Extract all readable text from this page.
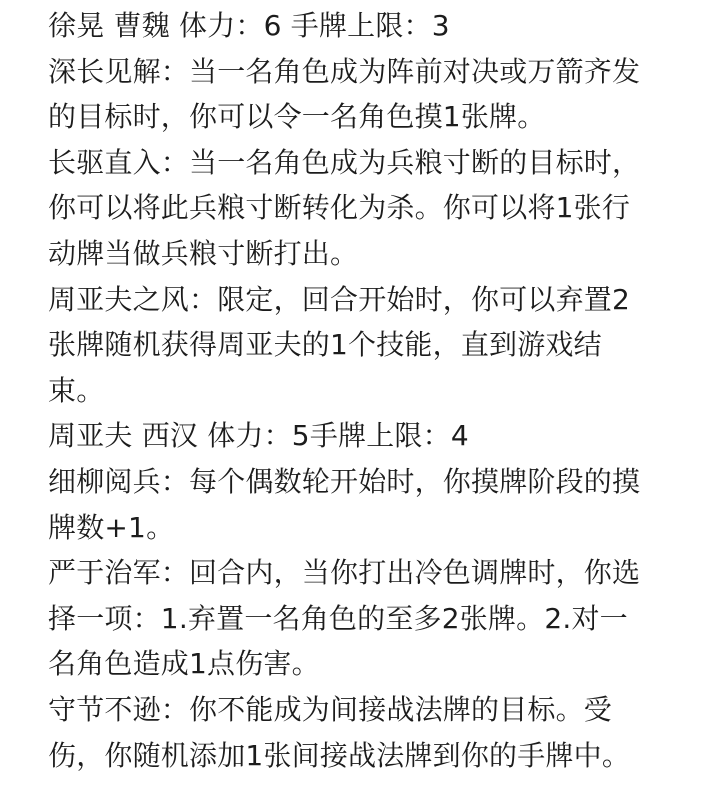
徐晃 曹魏 体力：6 手牌上限：3
深长见解：当一名角色成为阵前对决或万箭齐发
的目标时，你可以令一名角色摸1张牌。
长驱直入：当一名角色成为兵粮寸断的目标时，
你可以将此兵粮寸断转化为杀。你可以将1张行
动牌当做兵粮寸断打出。
周亚夫之风：限定，回合开始时，你可以弃置2
张牌随机获得周亚夫的1个技能，直到游戏结
束。
周亚夫 西汉 体力：5手牌上限：4
细柳阅兵：每个偶数轮开始时，你摸牌阶段的摸
牌数+1。
严于治军：回合内，当你打出冷色调牌时，你选
择一项：1.弃置一名角色的至多2张牌。2.对一
名角色造成1点伤害。
守节不逊：你不能成为间接战法牌的目标。受
伤，你随机添加1张间接战法牌到你的手牌中。
